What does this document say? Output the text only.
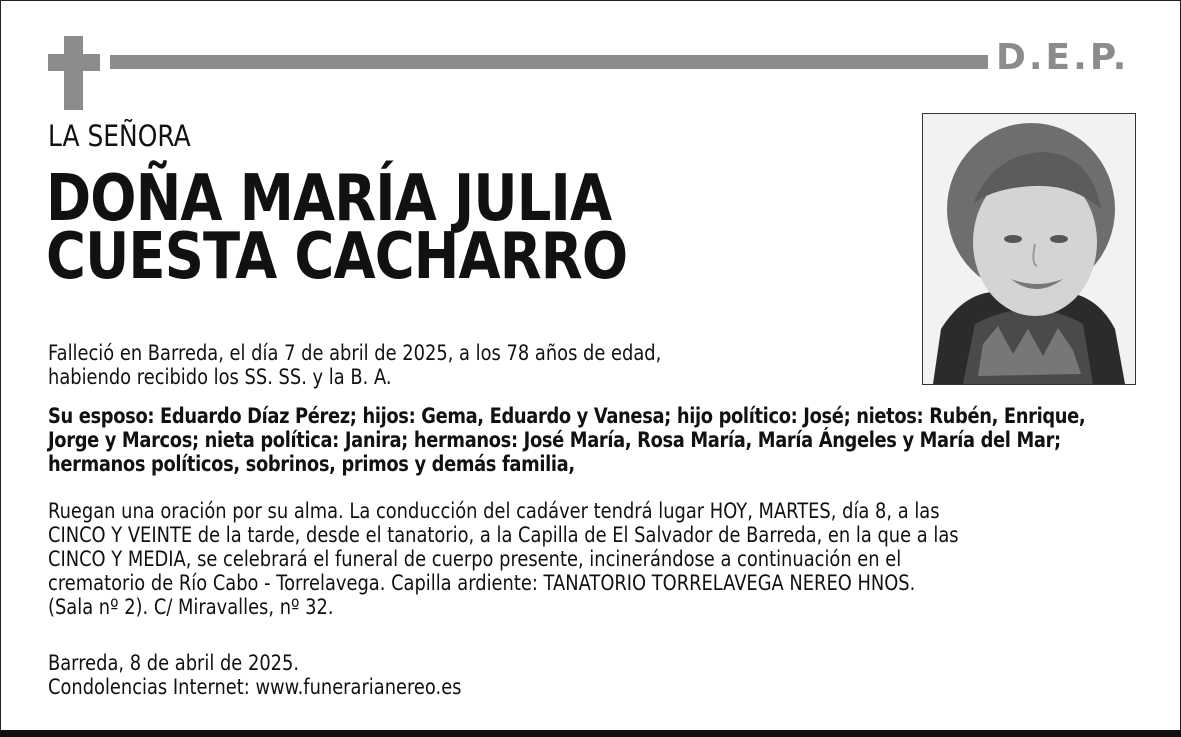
D.E.P.
LA SEÑORA
DOÑA MARÍA JULIA
CUESTA CACHARRO
Falleció en Barreda, el día 7 de abril de 2025, a los 78 años de edad,
habiendo recibido los SS. SS. y la B. A.
Su esposo: Eduardo Díaz Pérez; hijos: Gema, Eduardo y Vanesa; hijo político: José; nietos: Rubén, Enrique,
Jorge y Marcos; nieta política: Janira; hermanos: José María, Rosa María, María Ángeles y María del Mar;
hermanos políticos, sobrinos, primos y demás familia,
Ruegan una oración por su alma. La conducción del cadáver tendrá lugar HOY, MARTES, día 8, a las
CINCO Y VEINTE de la tarde, desde el tanatorio, a la Capilla de El Salvador de Barreda, en la que a las
CINCO Y MEDIA, se celebrará el funeral de cuerpo presente, incinerándose a continuación en el
crematorio de Río Cabo - Torrelavega. Capilla ardiente: TANATORIO TORRELAVEGA NEREO HNOS.
(Sala nº 2). C/ Miravalles, nº 32.
Barreda, 8 de abril de 2025.
Condolencias Internet: www.funerarianereo.es
